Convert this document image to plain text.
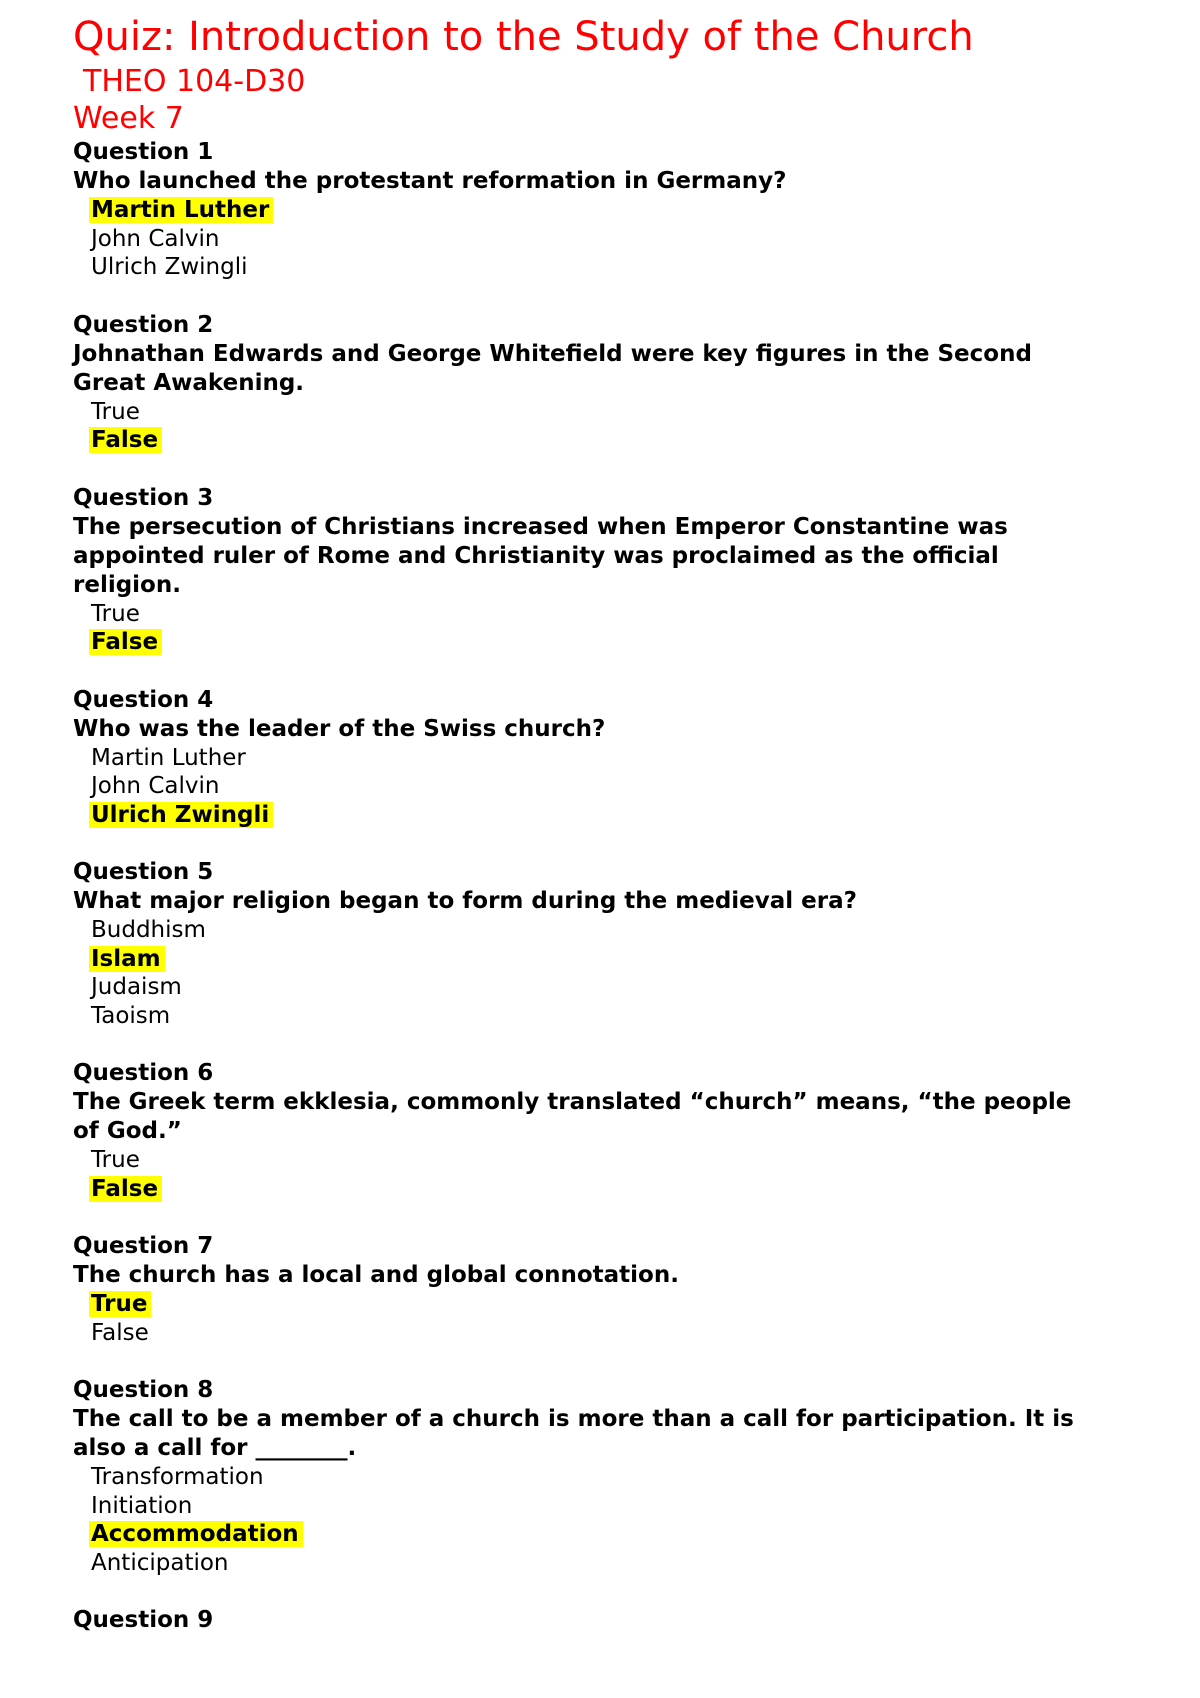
Quiz: Introduction to the Study of the Church
THEO 104-D30
Week 7
Question 1
Who launched the protestant reformation in Germany?
Martin Luther
John Calvin
Ulrich Zwingli
Question 2
Johnathan Edwards and George Whitefield were key figures in the Second
Great Awakening.
True
False
Question 3
The persecution of Christians increased when Emperor Constantine was
appointed ruler of Rome and Christianity was proclaimed as the official
religion.
True
False
Question 4
Who was the leader of the Swiss church?
Martin Luther
John Calvin
Ulrich Zwingli
Question 5
What major religion began to form during the medieval era?
Buddhism
Islam
Judaism
Taoism
Question 6
The Greek term ekklesia, commonly translated “church” means, “the people
of God.”
True
False
Question 7
The church has a local and global connotation.
True
False
Question 8
The call to be a member of a church is more than a call for participation. It is
also a call for ________.
Transformation
Initiation
Accommodation
Anticipation
Question 9
